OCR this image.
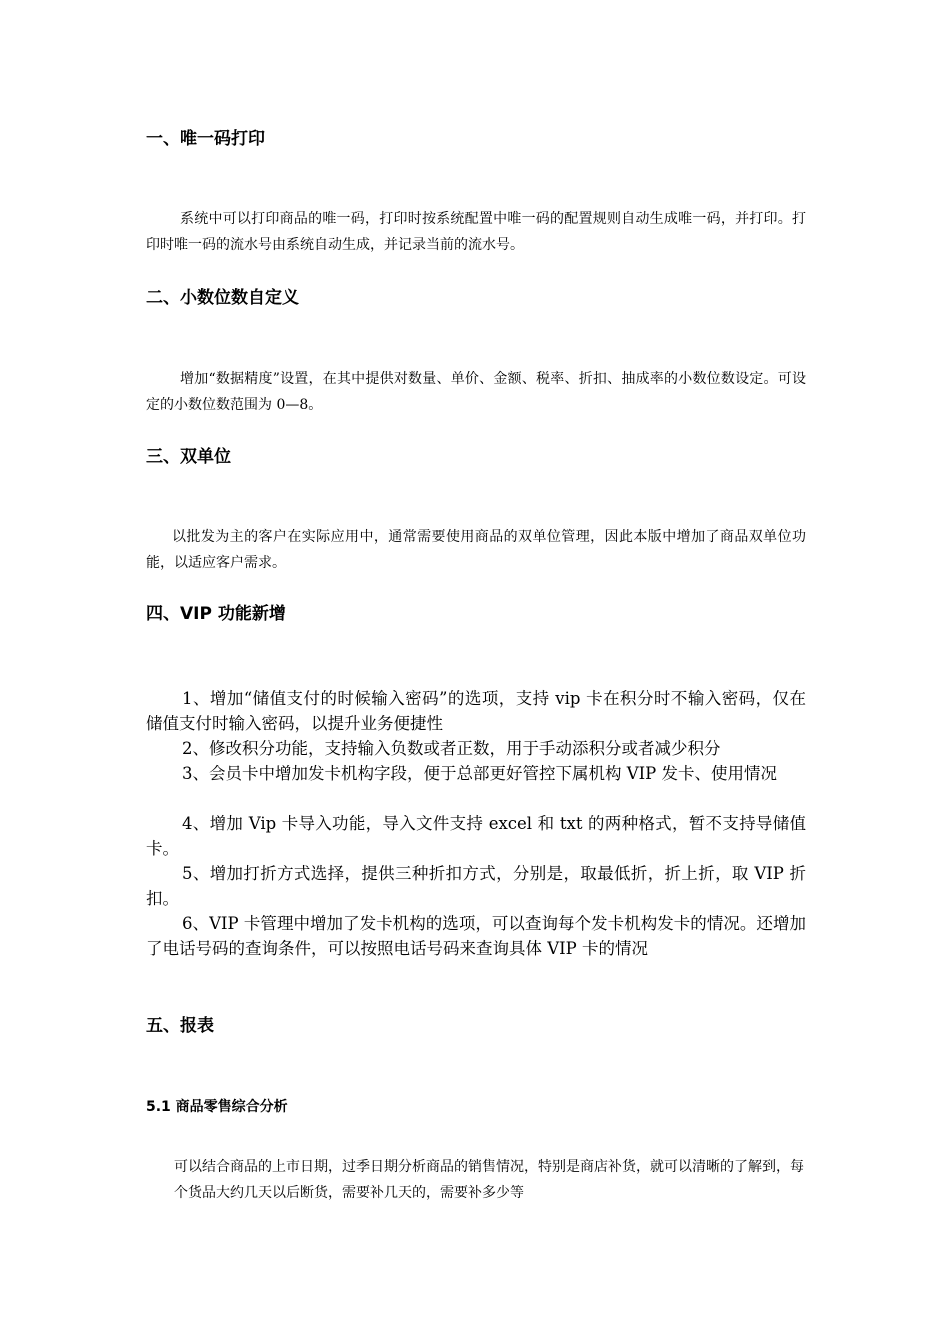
一、唯一码打印
系统中可以打印商品的唯一码，打印时按系统配置中唯一码的配置规则自动生成唯一码，并打印。打印时唯一码的流水号由系统自动生成，并记录当前的流水号。
二、小数位数自定义
增加“数据精度”设置，在其中提供对数量、单价、金额、税率、折扣、抽成率的小数位数设定。可设定的小数位数范围为 0—8。
三、双单位
以批发为主的客户在实际应用中，通常需要使用商品的双单位管理，因此本版中增加了商品双单位功能，以适应客户需求。
四、VIP 功能新增
1、增加“储值支付的时候输入密码”的选项，支持 vip 卡在积分时不输入密码，仅在储值支付时输入密码，以提升业务便捷性
2、修改积分功能，支持输入负数或者正数，用于手动添积分或者减少积分
3、会员卡中增加发卡机构字段，便于总部更好管控下属机构 VIP 发卡、使用情况
4、增加 Vip 卡导入功能，导入文件支持 excel 和 txt 的两种格式，暂不支持导储值卡。
5、增加打折方式选择，提供三种折扣方式，分别是，取最低折，折上折，取 VIP 折扣。
6、VIP 卡管理中增加了发卡机构的选项，可以查询每个发卡机构发卡的情况。还增加了电话号码的查询条件，可以按照电话号码来查询具体 VIP 卡的情况
五、报表
5.1 商品零售综合分析
可以结合商品的上市日期，过季日期分析商品的销售情况，特别是商店补货，就可以清晰的了解到，每个货品大约几天以后断货，需要补几天的，需要补多少等
